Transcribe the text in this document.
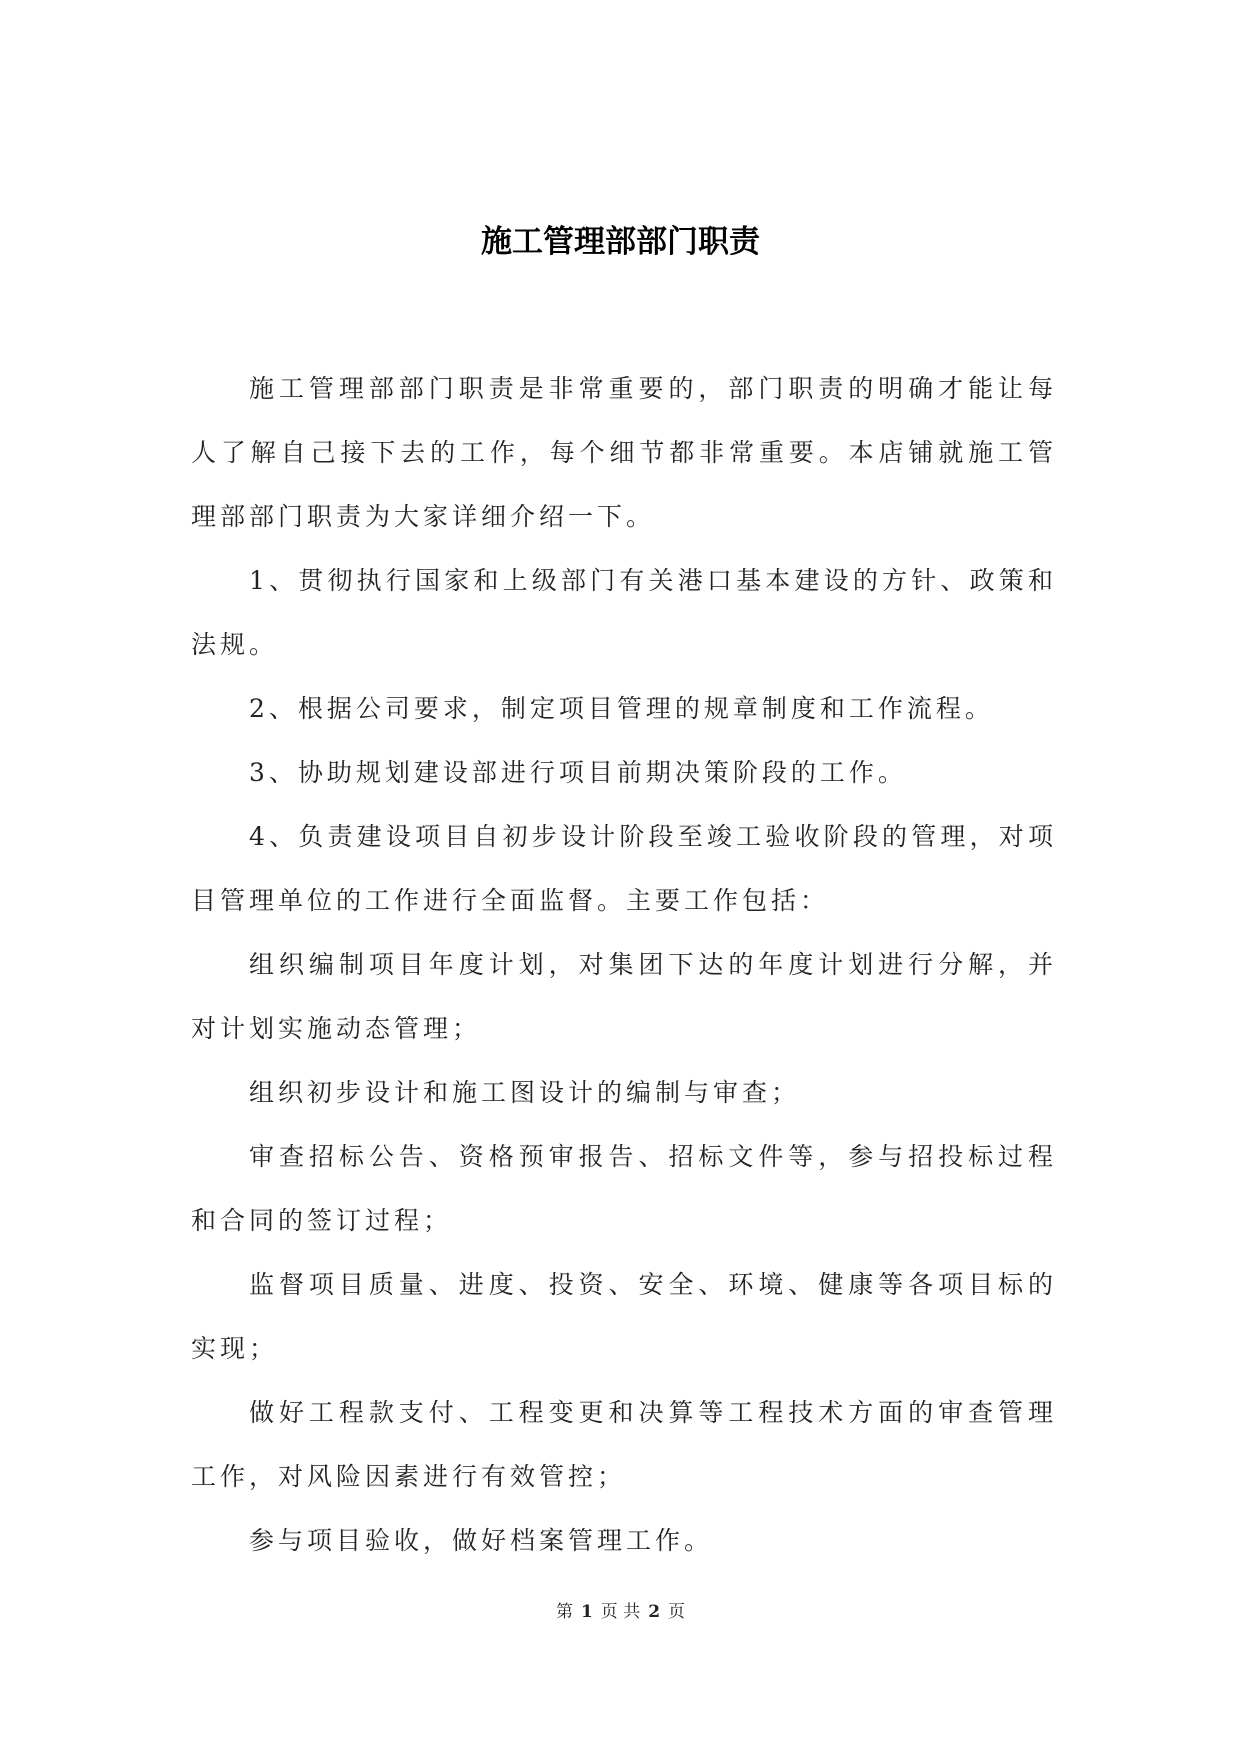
施工管理部部门职责

施工管理部部门职责是非常重要的，部门职责的明确才能让每人了解自己接下去的工作，每个细节都非常重要。本店铺就施工管理部部门职责为大家详细介绍一下。

1、贯彻执行国家和上级部门有关港口基本建设的方针、政策和法规。

2、根据公司要求，制定项目管理的规章制度和工作流程。

3、协助规划建设部进行项目前期决策阶段的工作。

4、负责建设项目自初步设计阶段至竣工验收阶段的管理，对项目管理单位的工作进行全面监督。主要工作包括：

组织编制项目年度计划，对集团下达的年度计划进行分解，并对计划实施动态管理；

组织初步设计和施工图设计的编制与审查；

审查招标公告、资格预审报告、招标文件等，参与招投标过程和合同的签订过程；

监督项目质量、进度、投资、安全、环境、健康等各项目标的实现；

做好工程款支付、工程变更和决算等工程技术方面的审查管理工作，对风险因素进行有效管控；

参与项目验收，做好档案管理工作。

第 1 页 共 2 页
